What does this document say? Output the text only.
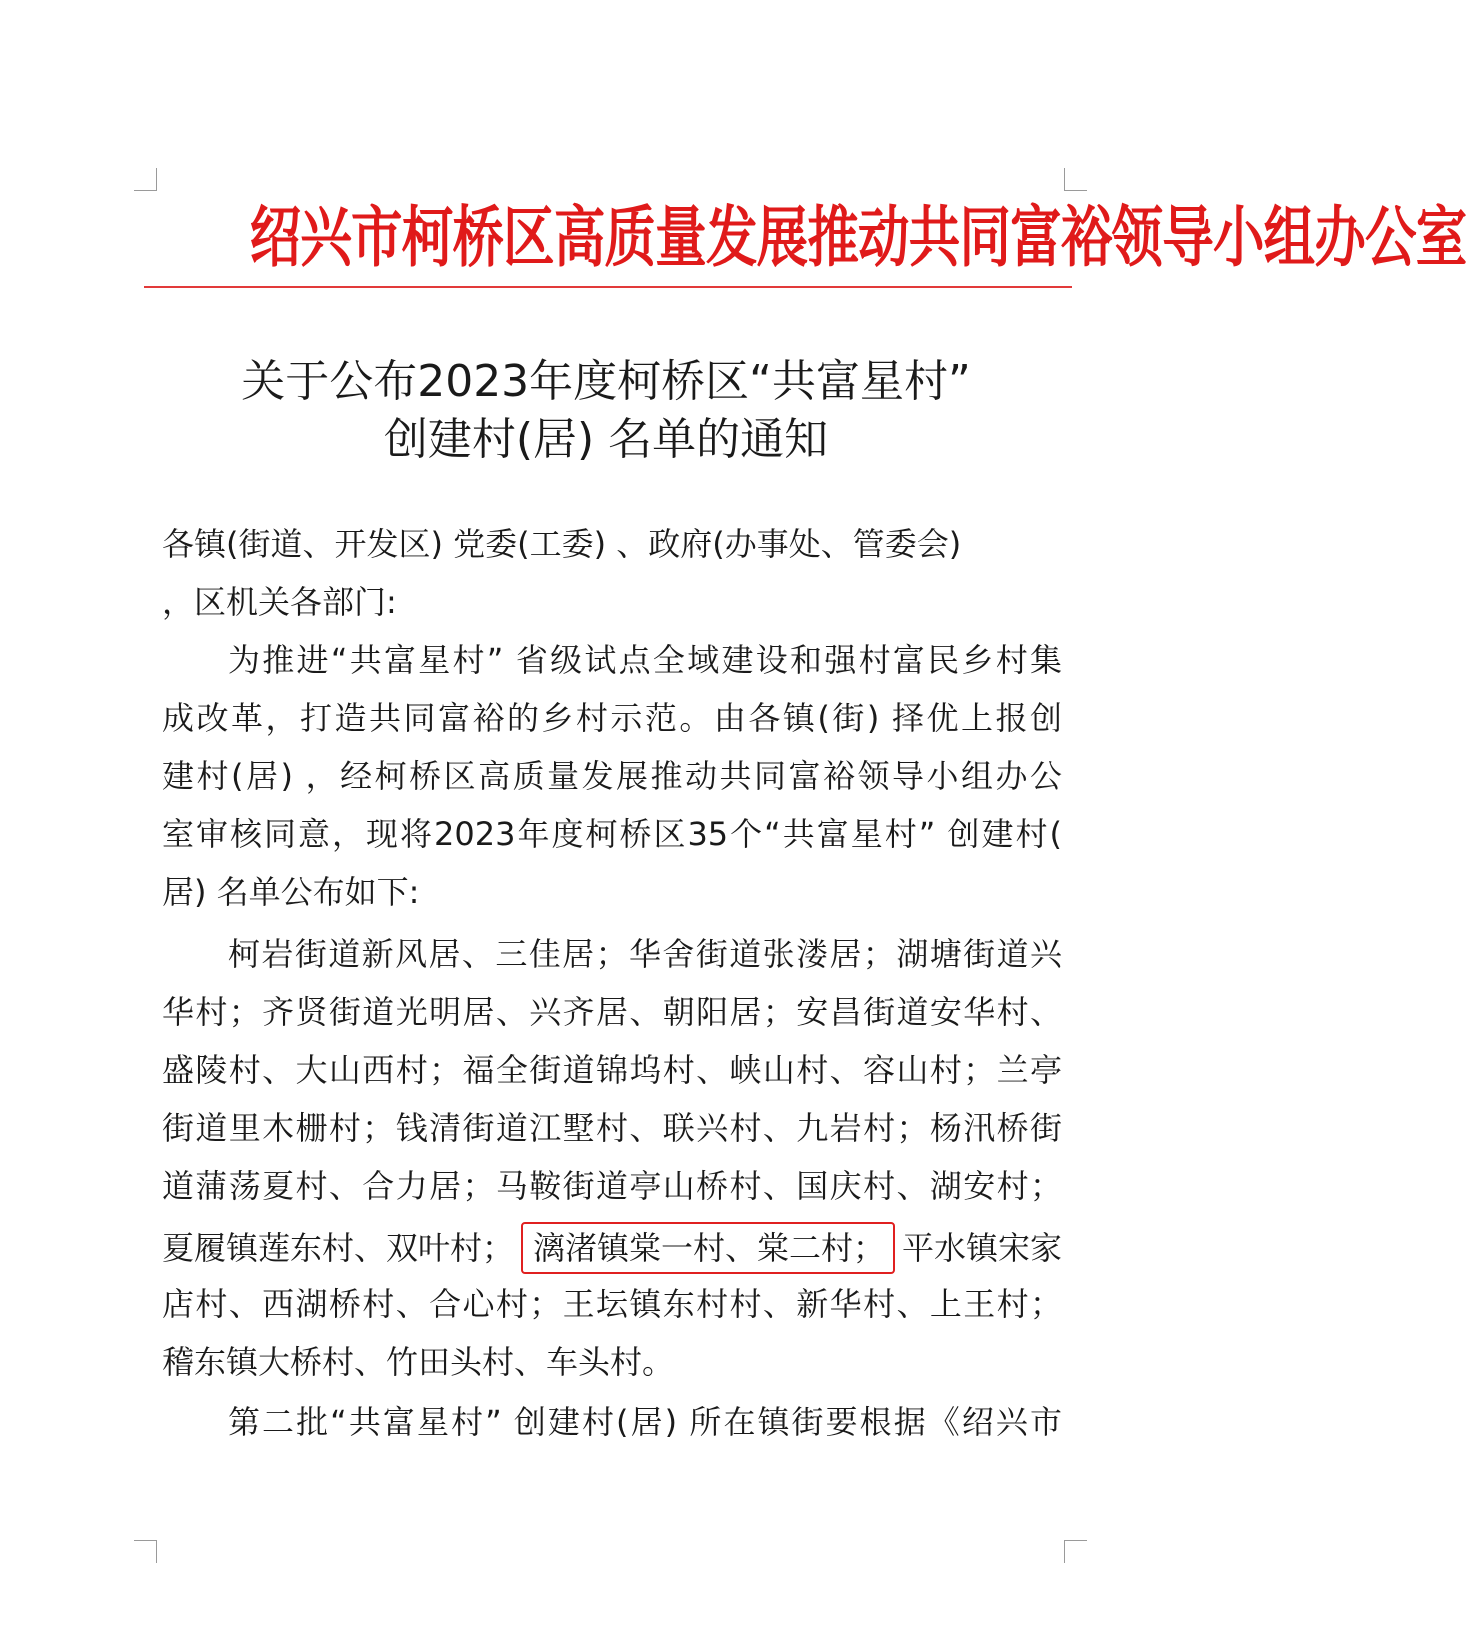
绍兴市柯桥区高质量发展推动共同富裕领导小组办公室
关于公布2023年度柯桥区“共富星村”
创建村(居) 名单的通知
各镇(街道、开发区) 党委(工委) 、政府(办事处、管委会)
，区机关各部门:
为推进“共富星村” 省级试点全域建设和强村富民乡村集
成改革，打造共同富裕的乡村示范。由各镇(街) 择优上报创
建村(居) ，经柯桥区高质量发展推动共同富裕领导小组办公
室审核同意，现将2023年度柯桥区35个“共富星村” 创建村(
居) 名单公布如下:
柯岩街道新风居、三佳居；华舍街道张溇居；湖塘街道兴
华村；齐贤街道光明居、兴齐居、朝阳居；安昌街道安华村、
盛陵村、大山西村；福全街道锦坞村、峡山村、容山村；兰亭
街道里木栅村；钱清街道江墅村、联兴村、九岩村；杨汛桥街
道蒲荡夏村、合力居；马鞍街道亭山桥村、国庆村、湖安村；
夏履镇莲东村、双叶村； 漓渚镇棠一村、棠二村； 平水镇宋家
店村、西湖桥村、合心村；王坛镇东村村、新华村、上王村；
稽东镇大桥村、竹田头村、车头村。
第二批“共富星村” 创建村(居) 所在镇街要根据《绍兴市
